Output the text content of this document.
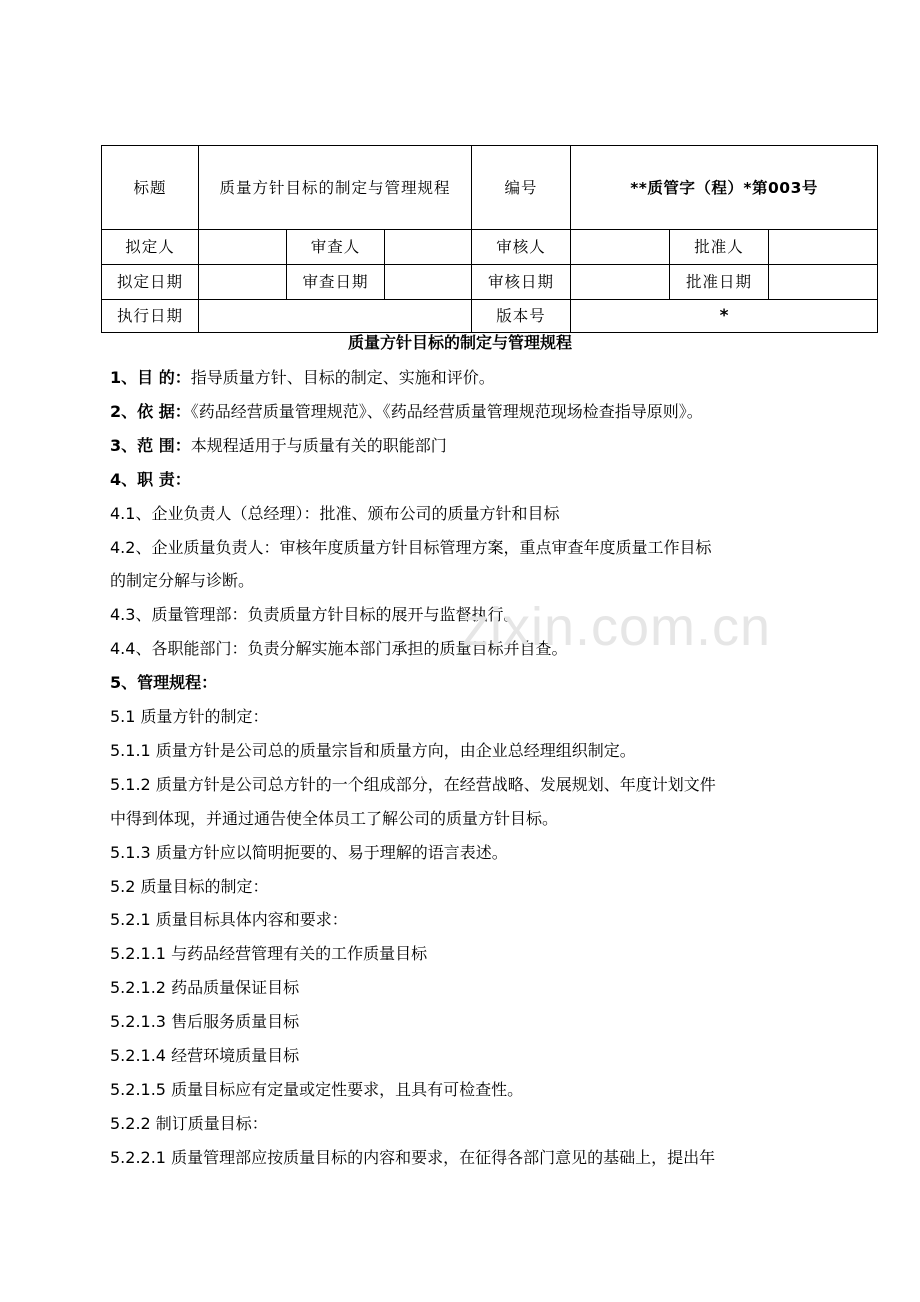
标题	质量方针目标的制定与管理规程			编号	**质管字（程）*第003号		
拟定人		审查人		审核人		批准人	
拟定日期		审查日期		审核日期		批准日期	
执行日期				版本号	*		
质量方针目标的制定与管理规程
1、目 的：指导质量方针、目标的制定、实施和评价。
2、依 据：《药品经营质量管理规范》、《药品经营质量管理规范现场检查指导原则》。
3、范 围：本规程适用于与质量有关的职能部门
4、职 责：
4.1、企业负责人（总经理）：批准、颁布公司的质量方针和目标
4.2、企业质量负责人：审核年度质量方针目标管理方案，重点审查年度质量工作目标
的制定分解与诊断。
4.3、质量管理部：负责质量方针目标的展开与监督执行。
4.4、各职能部门：负责分解实施本部门承担的质量目标并自查。
5、管理规程：
5.1 质量方针的制定：
5.1.1 质量方针是公司总的质量宗旨和质量方向，由企业总经理组织制定。
5.1.2 质量方针是公司总方针的一个组成部分，在经营战略、发展规划、年度计划文件
中得到体现，并通过通告使全体员工了解公司的质量方针目标。
5.1.3 质量方针应以简明扼要的、易于理解的语言表述。
5.2 质量目标的制定：
5.2.1 质量目标具体内容和要求：
5.2.1.1 与药品经营管理有关的工作质量目标
5.2.1.2 药品质量保证目标
5.2.1.3 售后服务质量目标
5.2.1.4 经营环境质量目标
5.2.1.5 质量目标应有定量或定性要求，且具有可检查性。
5.2.2 制订质量目标：
5.2.2.1 质量管理部应按质量目标的内容和要求，在征得各部门意见的基础上，提出年
zixin.com.cn
